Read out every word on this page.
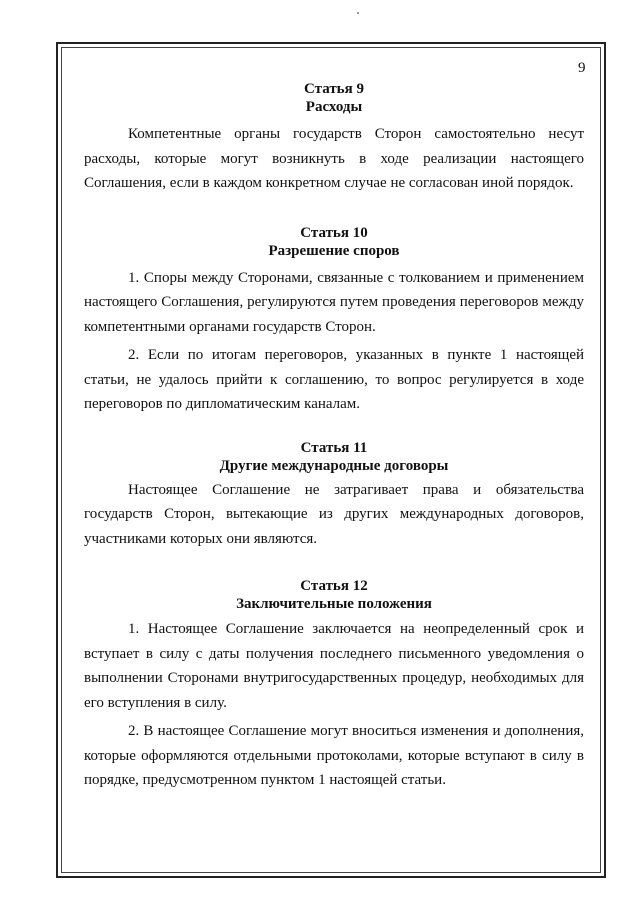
9

Статья 9

Расходы

Компетентные органы государств Сторон самостоятельно несут расходы, которые могут возникнуть в ходе реализации настоящего Соглашения, если в каждом конкретном случае не согласован иной порядок.

Статья 10

Разрешение споров

1. Споры между Сторонами, связанные с толкованием и применением настоящего Соглашения, регулируются путем проведения переговоров между компетентными органами государств Сторон.

2. Если по итогам переговоров, указанных в пункте 1 настоящей статьи, не удалось прийти к соглашению, то вопрос регулируется в ходе переговоров по дипломатическим каналам.

Статья 11

Другие международные договоры

Настоящее Соглашение не затрагивает права и обязательства государств Сторон, вытекающие из других международных договоров, участниками которых они являются.

Статья 12

Заключительные положения

1. Настоящее Соглашение заключается на неопределенный срок и вступает в силу с даты получения последнего письменного уведомления о выполнении Сторонами внутригосударственных процедур, необходимых для его вступления в силу.

2. В настоящее Соглашение могут вноситься изменения и дополнения, которые оформляются отдельными протоколами, которые вступают в силу в порядке, предусмотренном пунктом 1 настоящей статьи.
